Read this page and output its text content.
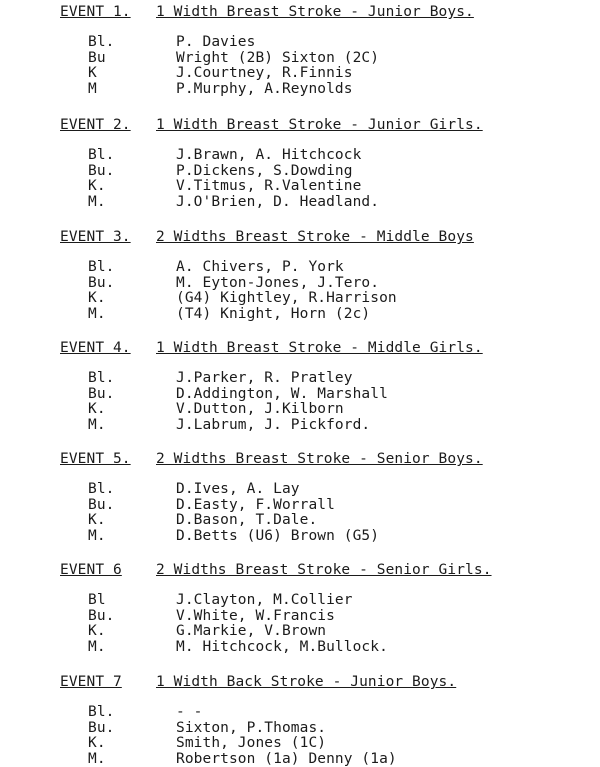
EVENT 1. 1 Width Breast Stroke - Junior Boys.
Bl.	P. Davies
Bu	Wright (2B) Sixton (2C)
K	J.Courtney, R.Finnis
M	P.Murphy, A.Reynolds
EVENT 2. 1 Width Breast Stroke - Junior Girls.
Bl.	J.Brawn, A. Hitchcock
Bu.	P.Dickens, S.Dowding
K.	V.Titmus, R.Valentine
M.	J.O'Brien, D. Headland.
EVENT 3. 2 Widths Breast Stroke - Middle Boys
Bl.	A. Chivers, P. York
Bu.	M. Eyton-Jones, J.Tero.
K.	(G4) Kightley, R.Harrison
M.	(T4) Knight, Horn (2c)
EVENT 4. 1 Width Breast Stroke - Middle Girls.
Bl.	J.Parker, R. Pratley
Bu.	D.Addington, W. Marshall
K.	V.Dutton, J.Kilborn
M.	J.Labrum, J. Pickford.
EVENT 5. 2 Widths Breast Stroke - Senior Boys.
Bl.	D.Ives, A. Lay
Bu.	D.Easty, F.Worrall
K.	D.Bason, T.Dale.
M.	D.Betts (U6) Brown (G5)
EVENT 6 2 Widths Breast Stroke - Senior Girls.
Bl	J.Clayton, M.Collier
Bu.	V.White, W.Francis
K.	G.Markie, V.Brown
M.	M. Hitchcock, M.Bullock.
EVENT 7 1 Width Back Stroke - Junior Boys.
Bl.	- -
Bu.	Sixton, P.Thomas.
K.	Smith, Jones (1C)
M.	Robertson (1a) Denny (1a)
